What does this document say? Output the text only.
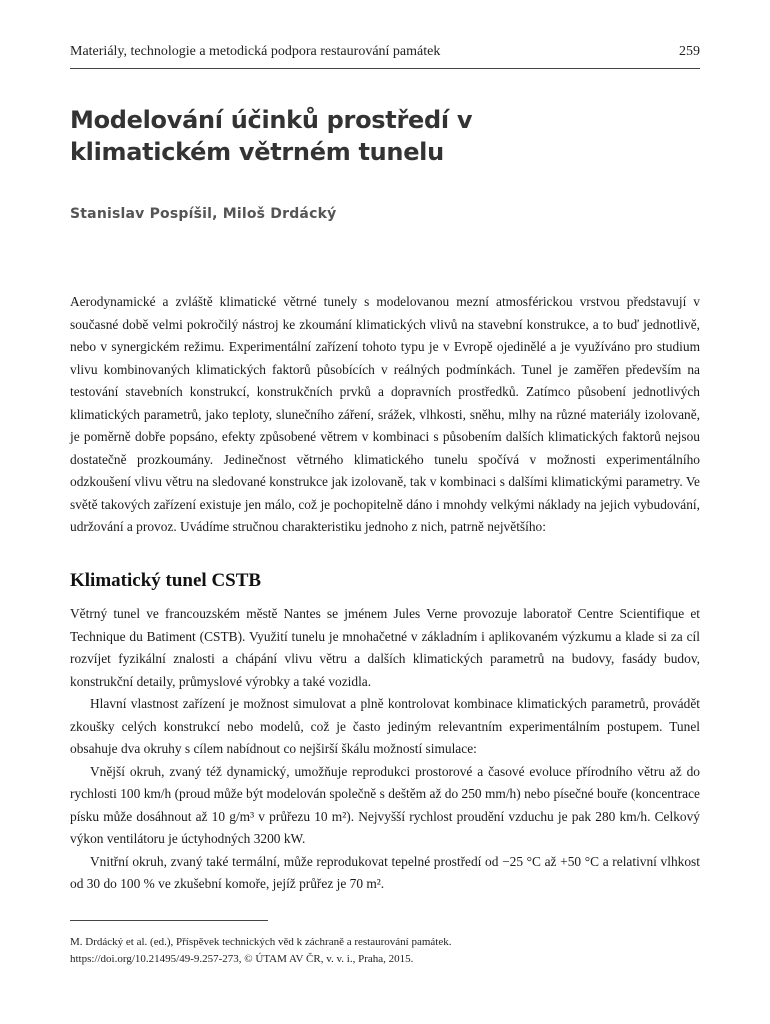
Materiály, technologie a metodická podpora restaurování památek	259
Modelování účinků prostředí v klimatickém větrném tunelu
Stanislav Pospíšil, Miloš Drdácký

Aerodynamické a zvláště klimatické větrné tunely s modelovanou mezní atmosférickou vrstvou představují v současné době velmi pokročilý nástroj ke zkoumání klimatických vlivů na stavební konstrukce, a to buď jednotlivě, nebo v synergickém režimu. Experimentální zařízení tohoto typu je v Evropě ojedinělé a je využíváno pro studium vlivu kombinovaných klimatických faktorů působících v reálných podmínkách. Tunel je zaměřen především na testování stavebních konstrukcí, konstrukčních prvků a dopravních prostředků. Zatímco působení jednotlivých klimatických parametrů, jako teploty, slunečního záření, srážek, vlhkosti, sněhu, mlhy na různé materiály izolovaně, je poměrně dobře popsáno, efekty způsobené větrem v kombinaci s působením dalších klimatických faktorů nejsou dostatečně prozkoumány. Jedinečnost větrného klimatického tunelu spočívá v možnosti experimentálního odzkoušení vlivu větru na sledované konstrukce jak izolovaně, tak v kombinaci s dalšími klimatickými parametry. Ve světě takových zařízení existuje jen málo, což je pochopitelně dáno i mnohdy velkými náklady na jejich vybudování, udržování a provoz. Uvádíme stručnou charakteristiku jednoho z nich, patrně největšího:

Klimatický tunel CSTB

Větrný tunel ve francouzském městě Nantes se jménem Jules Verne provozuje laboratoř Centre Scientifique et Technique du Batiment (CSTB). Využití tunelu je mnohačetné v základním i aplikovaném výzkumu a klade si za cíl rozvíjet fyzikální znalosti a chápání vlivu větru a dalších klimatických parametrů na budovy, fasády budov, konstrukční detaily, průmyslové výrobky a také vozidla.

Hlavní vlastnost zařízení je možnost simulovat a plně kontrolovat kombinace klimatických parametrů, provádět zkoušky celých konstrukcí nebo modelů, což je často jediným relevantním experimentálním postupem. Tunel obsahuje dva okruhy s cílem nabídnout co nejširší škálu možností simulace:

Vnější okruh, zvaný též dynamický, umožňuje reprodukci prostorové a časové evoluce přírodního větru až do rychlosti 100 km/h (proud může být modelován společně s deštěm až do 250 mm/h) nebo písečné bouře (koncentrace písku může dosáhnout až 10 g/m³ v průřezu 10 m²). Nejvyšší rychlost proudění vzduchu je pak 280 km/h. Celkový výkon ventilátoru je úctyhodných 3200 kW.

Vnitřní okruh, zvaný také termální, může reprodukovat tepelné prostředí od −25 °C až +50 °C a relativní vlhkost od 30 do 100 % ve zkušební komoře, jejíž průřez je 70 m².

M. Drdácký et al. (ed.), Příspěvek technických věd k záchraně a restaurování památek.
https://doi.org/10.21495/49-9.257-273, © ÚTAM AV ČR, v. v. i., Praha, 2015.
